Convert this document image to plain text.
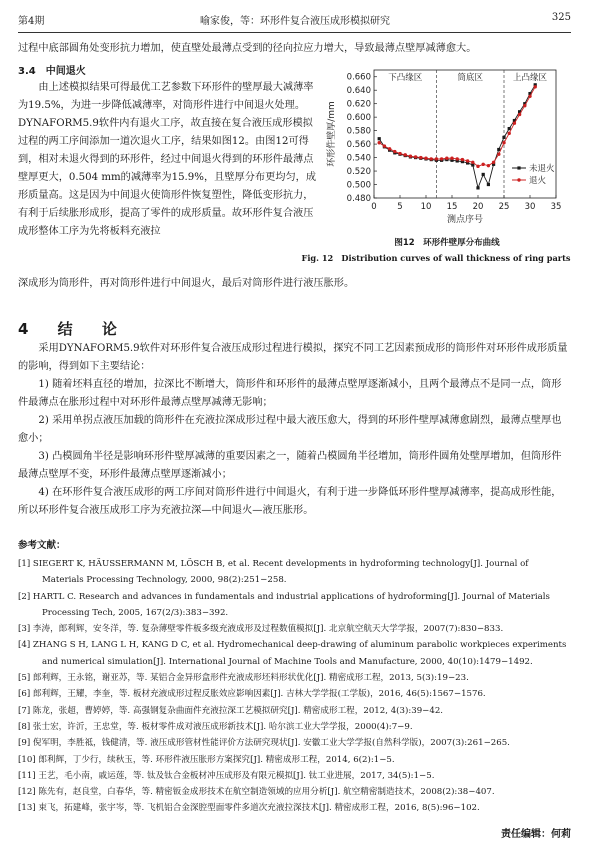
第4期	喻家俊，等：环形件复合液压成形模拟研究	325

过程中底部圆角处变形抗力增加，使直壁处最薄点受到的径向拉应力增大，导致最薄点壁厚减薄愈大。

3.4　中间退火

由上述模拟结果可得最优工艺参数下环形件的壁厚最大减薄率为19.5%，为进一步降低减薄率，对筒形件进行中间退火处理。DYNAFORM5.9软件内有退火工序，故直接在复合液压成形模拟过程的两工序间添加一道次退火工序，结果如图12。由图12可得到，相对未退火得到的环形件，经过中间退火得到的环形件最薄点壁厚更大，0.504 mm的减薄率为15.9%，且壁厚分布更均匀，成形质量高。这是因为中间退火使筒形件恢复塑性，降低变形抗力，有利于后续胀形成形，提高了零件的成形质量。故环形件复合液压成形整体工序为先将板料充液拉

深成形为筒形件，再对筒形件进行中间退火，最后对筒形件进行液压胀形。

下凸缘区	筒底区	上凸缘区
0.480
0.500
0.520
0.540
0.560
0.580
0.600
0.620
0.640
0.660
0 5 10 15 20 25 30 35
测点序号
环形件壁厚/mm
未退火
退火
图12　环形件壁厚分布曲线
Fig. 12　Distribution curves of wall thickness of ring parts
4 结 论

采用DYNAFORM5.9软件对环形件复合液压成形过程进行模拟，探究不同工艺因素预成形的筒形件对环形件成形质量的影响，得到如下主要结论：

1) 随着坯料直径的增加，拉深比不断增大，筒形件和环形件的最薄点壁厚逐渐减小，且两个最薄点不是同一点，筒形件最薄点在胀形过程中对环形件最薄点壁厚减薄无影响；

2) 采用单拐点液压加载的筒形件在充液拉深成形过程中最大液压愈大，得到的环形件壁厚减薄愈剧烈，最薄点壁厚也愈小；

3) 凸模圆角半径是影响环形件壁厚减薄的重要因素之一，随着凸模圆角半径增加，筒形件圆角处壁厚增加，但筒形件最薄点壁厚不变，环形件最薄点壁厚逐渐减小；

4) 在环形件复合液压成形的两工序间对筒形件进行中间退火，有利于进一步降低环形件壁厚减薄率，提高成形性能，所以环形件复合液压成形工序为充液拉深—中间退火—液压胀形。

参考文献：
[1] SIEGERT K, HÄUSSERMANN M, LÖSCH B, et al. Recent developments in hydroforming technology[J]. Journal of Materials Processing Technology, 2000, 98(2):251−258.
[2] HARTL C. Research and advances in fundamentals and industrial applications of hydroforming[J]. Journal of Materials Processing Tech, 2005, 167(2/3):383−392.
[3] 李涛，郎利辉，安冬洋，等. 复杂薄壁零件板多级充液成形及过程数值模拟[J]. 北京航空航天大学学报，2007(7):830−833.
[4] ZHANG S H, LANG L H, KANG D C, et al. Hydromechanical deep-drawing of aluminum parabolic workpieces experiments and numerical simulation[J]. International Journal of Machine Tools and Manufacture, 2000, 40(10):1479−1492.
[5] 郎利辉，王永铭，谢亚苏，等. 某铝合金异形盒形件充液成形坯料形状优化[J]. 精密成形工程，2013, 5(3):19−23.
[6] 郎利辉，王耀，李奎，等. 板材充液成形过程反胀效应影响因素[J]. 吉林大学学报(工学版)，2016, 46(5):1567−1576.
[7] 陈龙，张超，曹婷婷，等. 高强钢复杂曲面件充液拉深工艺模拟研究[J]. 精密成形工程，2012, 4(3):39−42.
[8] 张士宏，许沂，王忠堂，等. 板材零件成对液压成形新技术[J]. 哈尔滨工业大学学报，2000(4):7−9.
[9] 倪军明，李胜祗，钱健清，等. 液压成形管材性能评价方法研究现状[J]. 安徽工业大学学报(自然科学版)，2007(3):261−265.
[10] 郎利辉，丁少行，续秋玉，等. 环形件液压胀形方案探究[J]. 精密成形工程，2014, 6(2):1−5.
[11] 王艺，毛小南，戚运莲，等. 钛及钛合金板材冲压成形及有限元模拟[J]. 钛工业进展，2017, 34(5):1−5.
[12] 陈先有，赵良堂，白春华，等. 精密钣金成形技术在航空制造领域的应用分析[J]. 航空精密制造技术，2008(2):38−407.
[13] 束飞，拓建峰，张宇岑，等. 飞机铝合金深腔型面零件多道次充液拉深技术[J]. 精密成形工程，2016, 8(5):96−102.
责任编辑：何莉
